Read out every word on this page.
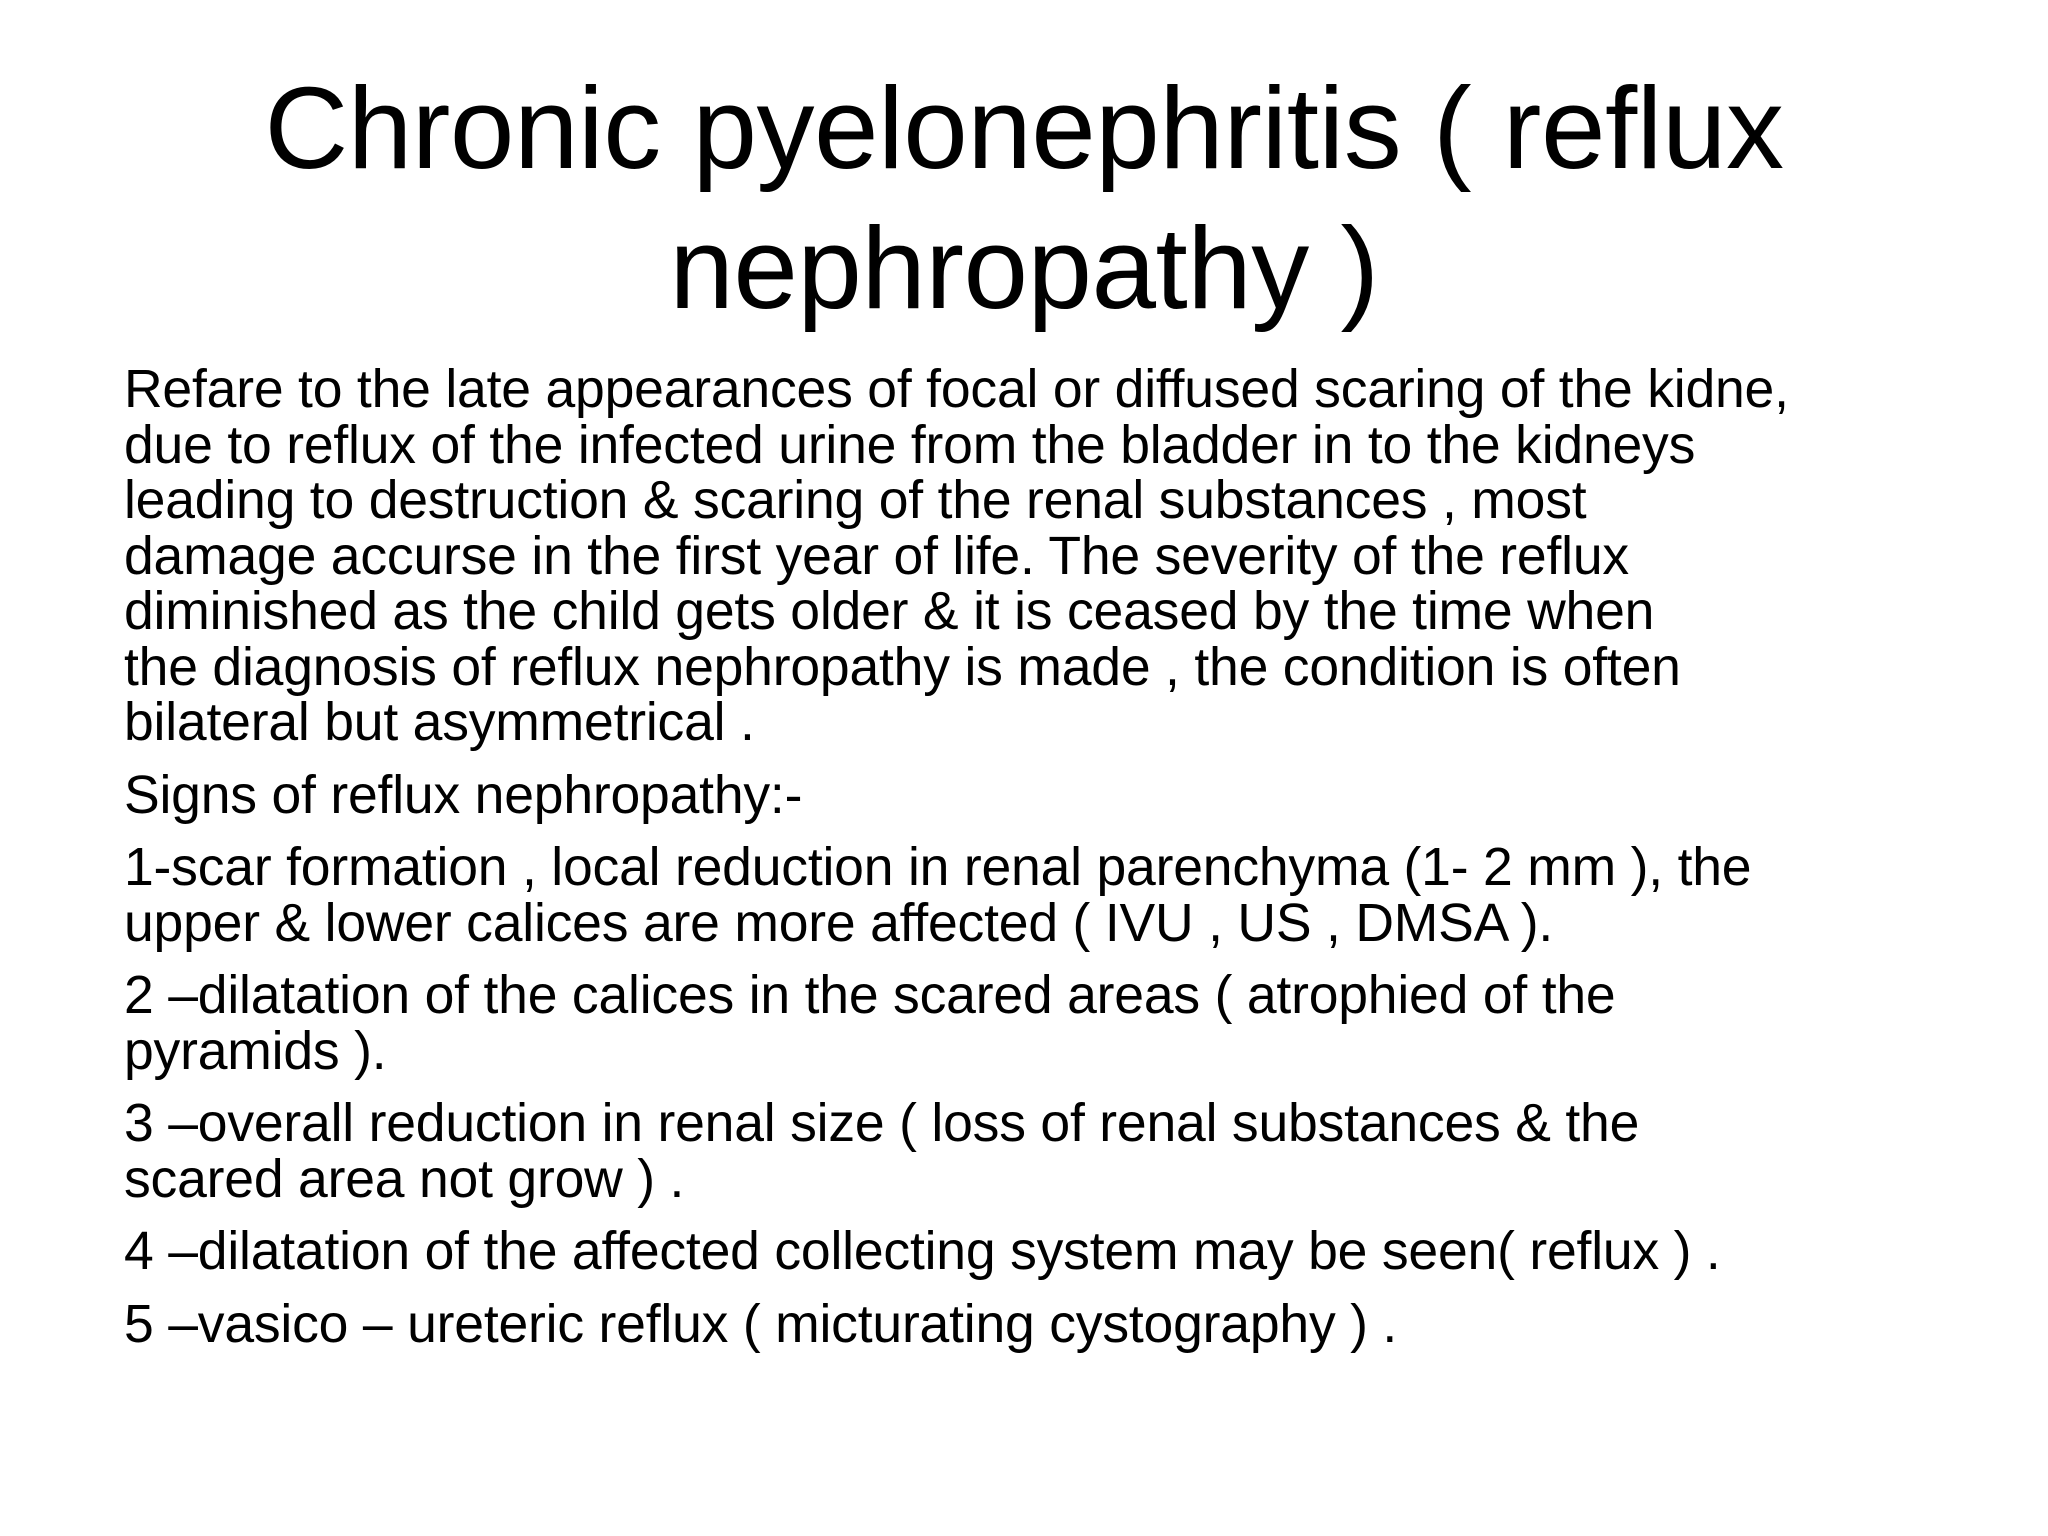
Chronic pyelonephritis ( reflux
nephropathy )
Refare to the late appearances of focal or diffused scaring of the kidne,
due to reflux of the infected urine from the bladder in to the kidneys
leading to destruction & scaring of the renal substances , most
damage accurse in the first year of life. The severity of the reflux
diminished as the child gets older & it is ceased by the time when
the diagnosis of reflux nephropathy is made , the condition is often
bilateral but asymmetrical .
Signs of reflux nephropathy:-
1-scar formation , local reduction in renal parenchyma (1- 2 mm ), the
upper & lower calices are more affected ( IVU , US , DMSA ).
2 –dilatation of the calices in the scared areas ( atrophied of the
pyramids ).
3 –overall reduction in renal size ( loss of renal substances & the
scared area not grow ) .
4 –dilatation of the affected collecting system may be seen( reflux ) .
5 –vasico – ureteric reflux ( micturating cystography ) .
